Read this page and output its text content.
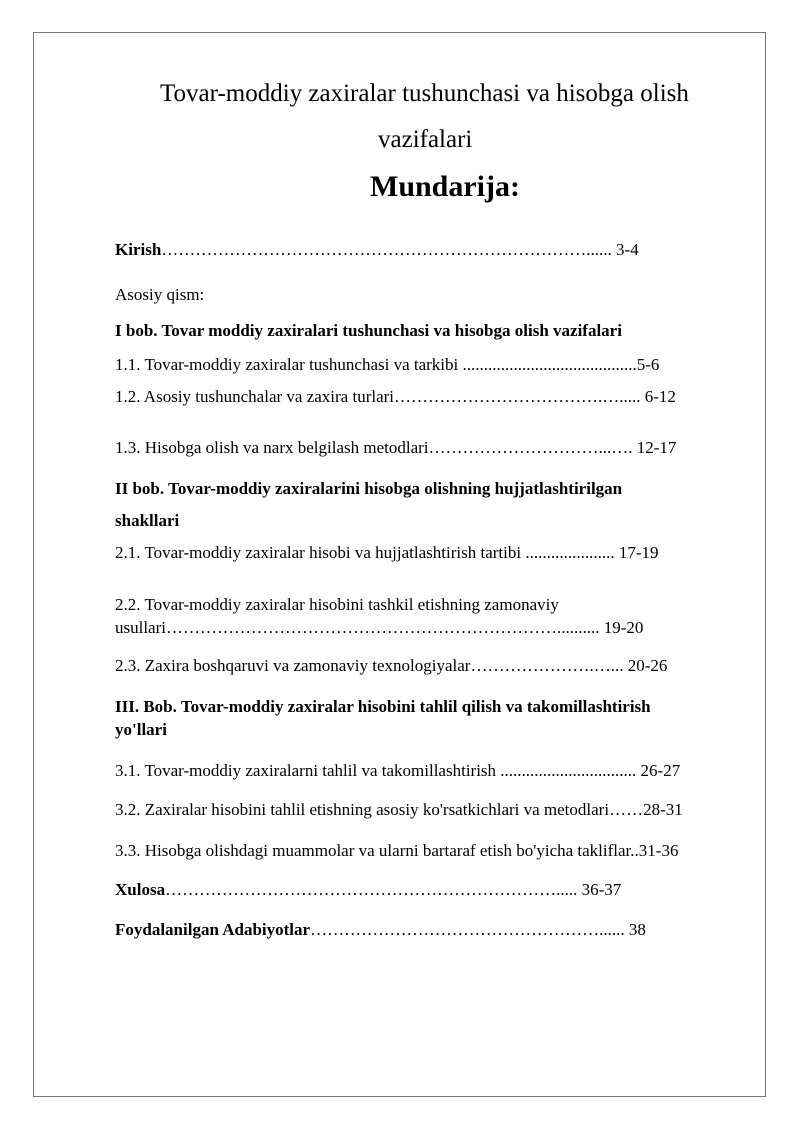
Tovar-moddiy zaxiralar tushunchasi va hisobga olish
vazifalari
Mundarija:
Kirish…………………………………………………………………...... 3-4
Asosiy qism:
I bob. Tovar moddiy zaxiralari tushunchasi va hisobga olish vazifalari
1.1. Tovar-moddiy zaxiralar tushunchasi va tarkibi .........................................5-6
1.2. Asosiy tushunchalar va zaxira turlari……………………………….…..... 6-12
1.3. Hisobga olish va narx belgilash metodlari…………………………...…. 12-17
II bob. Tovar-moddiy zaxiralarini hisobga olishning hujjatlashtirilgan
shakllari
2.1. Tovar-moddiy zaxiralar hisobi va hujjatlashtirish tartibi ..................... 17-19
2.2. Tovar-moddiy zaxiralar hisobini tashkil etishning zamonaviy
usullari…………………………………………………………….......... 19-20
2.3. Zaxira boshqaruvi va zamonaviy texnologiyalar………………….…... 20-26
III. Bob. Tovar-moddiy zaxiralar hisobini tahlil qilish va takomillashtirish
yo'llari
3.1. Tovar-moddiy zaxiralarni tahlil va takomillashtirish ................................ 26-27
3.2. Zaxiralar hisobini tahlil etishning asosiy ko'rsatkichlari va metodlari……28-31
3.3. Hisobga olishdagi muammolar va ularni bartaraf etish bo'yicha takliflar..31-36
Xulosa……………………………………………………………..... 36-37
Foydalanilgan Adabiyotlar……………………………………………...... 38
